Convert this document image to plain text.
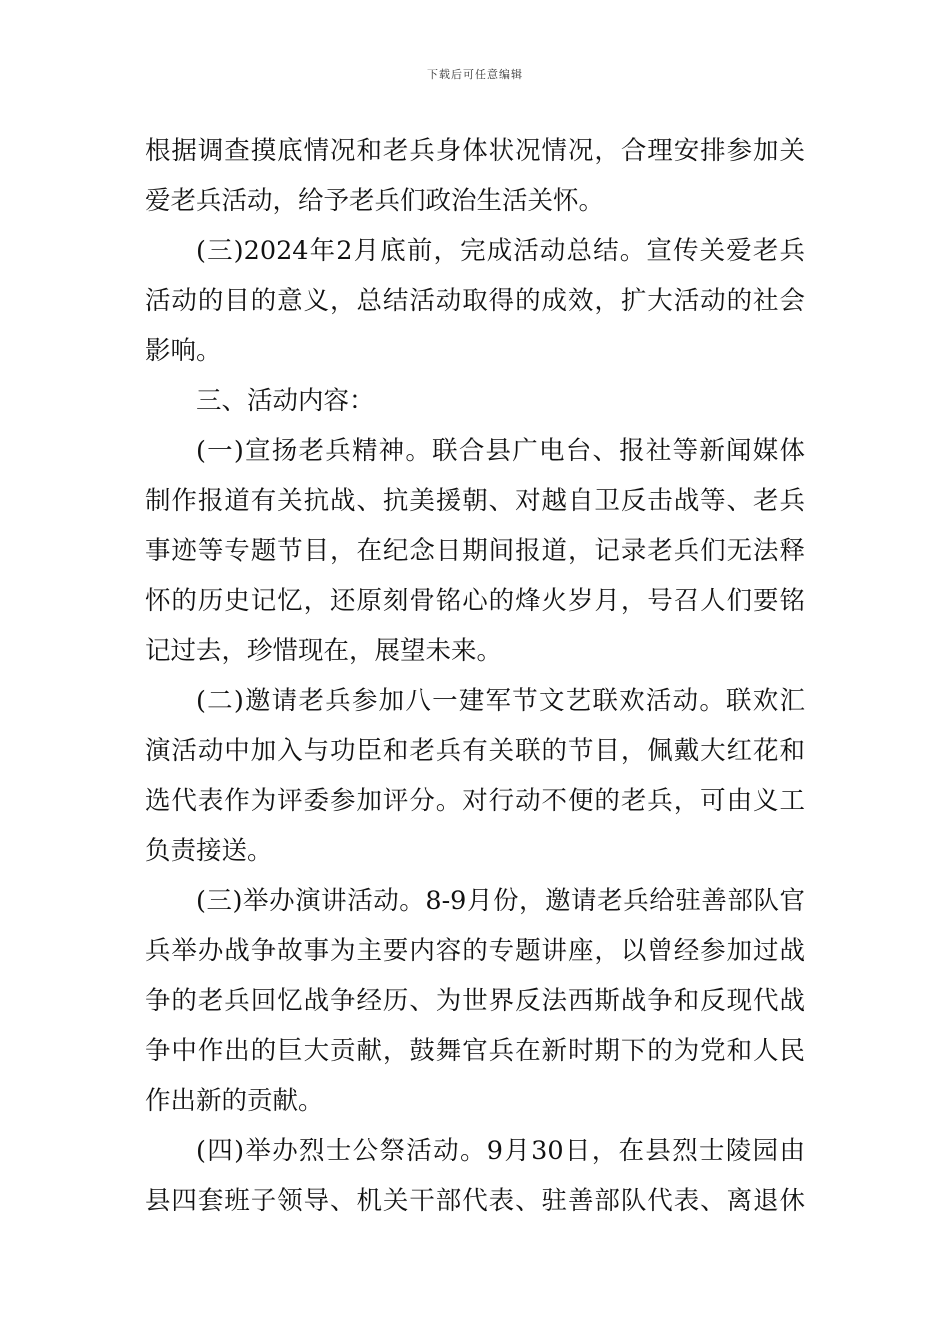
下载后可任意编辑
根据调查摸底情况和老兵身体状况情况，合理安排参加关
爱老兵活动，给予老兵们政治生活关怀。
(三)2024年2月底前，完成活动总结。宣传关爱老兵
活动的目的意义，总结活动取得的成效，扩大活动的社会
影响。
三、活动内容：
(一)宣扬老兵精神。联合县广电台、报社等新闻媒体
制作报道有关抗战、抗美援朝、对越自卫反击战等、老兵
事迹等专题节目，在纪念日期间报道，记录老兵们无法释
怀的历史记忆，还原刻骨铭心的烽火岁月，号召人们要铭
记过去，珍惜现在，展望未来。
(二)邀请老兵参加八一建军节文艺联欢活动。联欢汇
演活动中加入与功臣和老兵有关联的节目，佩戴大红花和
选代表作为评委参加评分。对行动不便的老兵，可由义工
负责接送。
(三)举办演讲活动。8-9月份，邀请老兵给驻善部队官
兵举办战争故事为主要内容的专题讲座，以曾经参加过战
争的老兵回忆战争经历、为世界反法西斯战争和反现代战
争中作出的巨大贡献，鼓舞官兵在新时期下的为党和人民
作出新的贡献。
(四)举办烈士公祭活动。9月30日，在县烈士陵园由
县四套班子领导、机关干部代表、驻善部队代表、离退休
